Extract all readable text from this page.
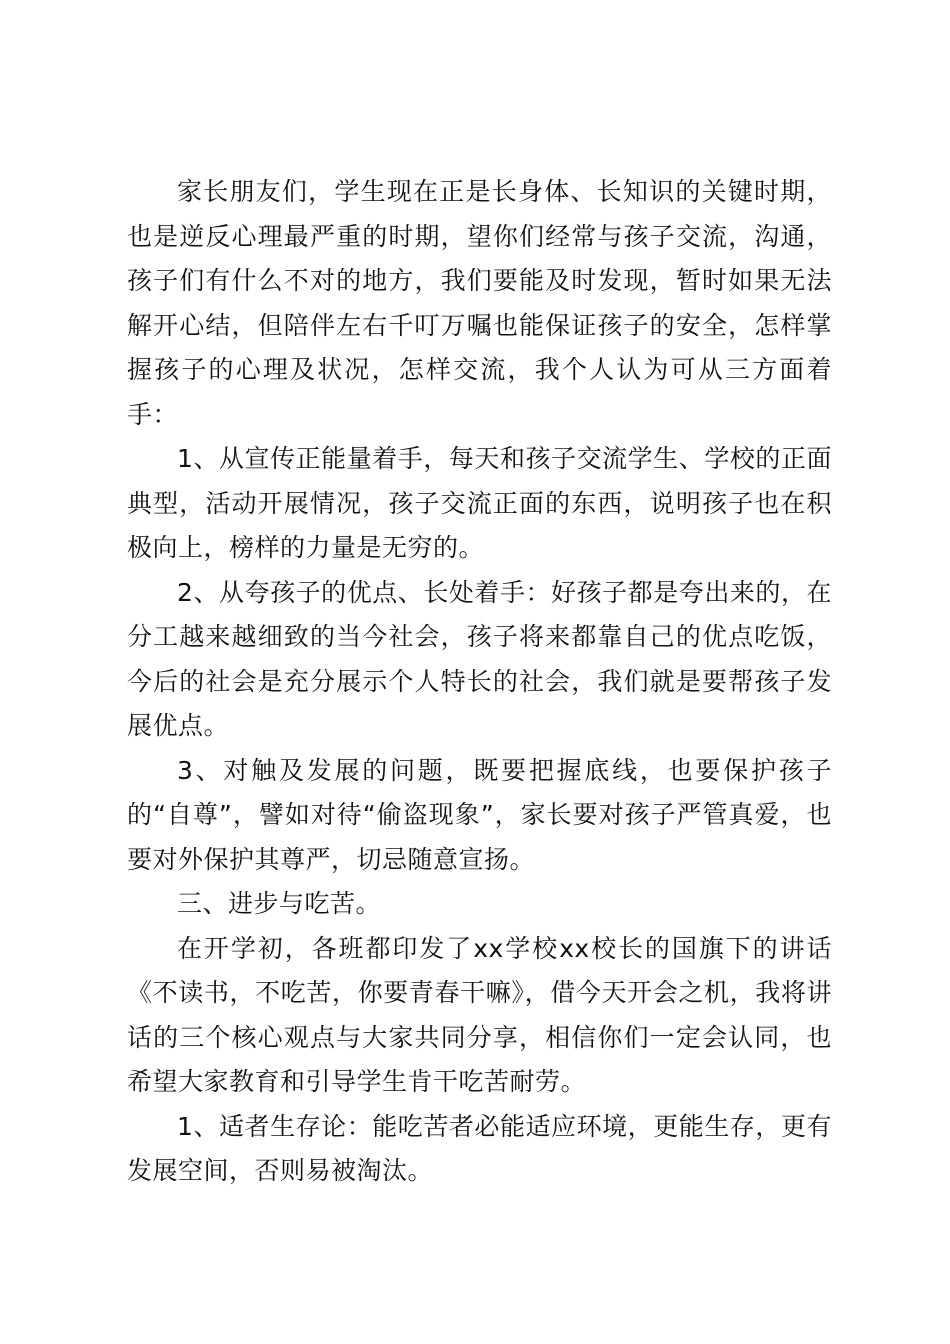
家长朋友们，学生现在正是长身体、长知识的关键时期，也是逆反心理最严重的时期，望你们经常与孩子交流，沟通，孩子们有什么不对的地方，我们要能及时发现，暂时如果无法解开心结，但陪伴左右千叮万嘱也能保证孩子的安全，怎样掌握孩子的心理及状况，怎样交流，我个人认为可从三方面着手：

1、从宣传正能量着手，每天和孩子交流学生、学校的正面典型，活动开展情况，孩子交流正面的东西，说明孩子也在积极向上，榜样的力量是无穷的。

2、从夸孩子的优点、长处着手：好孩子都是夸出来的，在分工越来越细致的当今社会，孩子将来都靠自己的优点吃饭，今后的社会是充分展示个人特长的社会，我们就是要帮孩子发展优点。

3、对触及发展的问题，既要把握底线，也要保护孩子的“自尊”，譬如对待“偷盗现象”，家长要对孩子严管真爱，也要对外保护其尊严，切忌随意宣扬。

三、进步与吃苦。

在开学初，各班都印发了xx学校xx校长的国旗下的讲话《不读书，不吃苦，你要青春干嘛》，借今天开会之机，我将讲话的三个核心观点与大家共同分享，相信你们一定会认同，也希望大家教育和引导学生肯干吃苦耐劳。

1、适者生存论：能吃苦者必能适应环境，更能生存，更有发展空间，否则易被淘汰。
